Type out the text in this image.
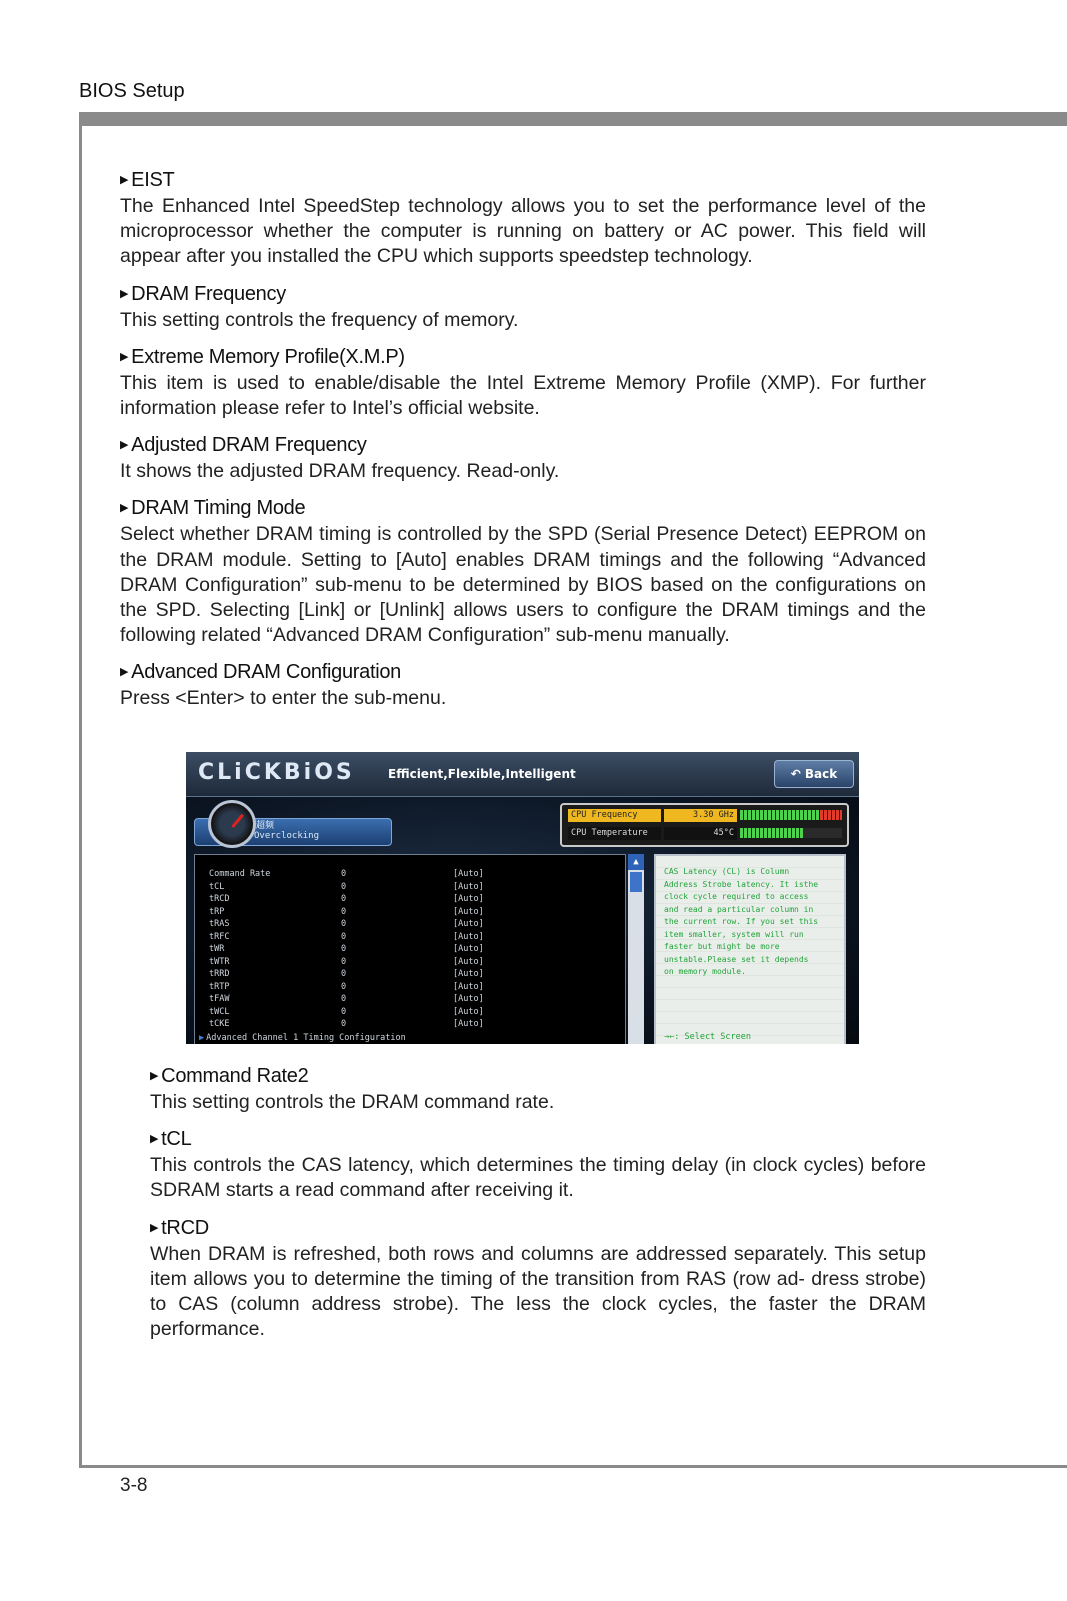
BIOS Setup

▶ EIST

The Enhanced Intel SpeedStep technology allows you to set the performance level of the microprocessor whether the computer is running on battery or AC power. This field will appear after you installed the CPU which supports speedstep technology.

▶ DRAM Frequency

This setting controls the frequency of memory.

▶ Extreme Memory Profile(X.M.P)

This item is used to enable/disable the Intel Extreme Memory Profile (XMP). For further information please refer to Intel’s official website.

▶ Adjusted DRAM Frequency

It shows the adjusted DRAM frequency. Read-only.

▶ DRAM Timing Mode

Select whether DRAM timing is controlled by the SPD (Serial Presence Detect) EEPROM on the DRAM module. Setting to [Auto] enables DRAM timings and the following “Advanced DRAM Configuration” sub-menu to be determined by BIOS based on the configurations on the SPD. Selecting [Link] or [Unlink] allows users to configure the DRAM timings and the following related “Advanced DRAM Configuration” sub-menu manually.

▶ Advanced DRAM Configuration

Press <Enter> to enter the sub-menu.

CLiCKBiOS	Efficient,Flexible,Intelligent	↶ Back
超频
Overclocking
CPU Frequency	3.30 GHz
CPU Temperature	45°C
Command Rate	0	[Auto]
tCL	0	[Auto]
tRCD	0	[Auto]
tRP	0	[Auto]
tRAS	0	[Auto]
tRFC	0	[Auto]
tWR	0	[Auto]
tWTR	0	[Auto]
tRRD	0	[Auto]
tRTP	0	[Auto]
tFAW	0	[Auto]
tWCL	0	[Auto]
tCKE	0	[Auto]
▶ Advanced Channel 1 Timing Configuration
▲
CAS Latency (CL) is Column
Address Strobe latency. It isthe
clock cycle required to access
and read a particular column in
the current row. If you set this
item smaller, system will run
faster but might be more
unstable.Please set it depends
on memory module.
→←: Select Screen

▶ Command Rate2

This setting controls the DRAM command rate.

▶ tCL

This controls the CAS latency, which determines the timing delay (in clock cycles) before SDRAM starts a read command after receiving it.

▶ tRCD

When DRAM is refreshed, both rows and columns are addressed separately. This setup item allows you to determine the timing of the transition from RAS (row ad- dress strobe) to CAS (column address strobe). The less the clock cycles, the faster the DRAM performance.

3-8
